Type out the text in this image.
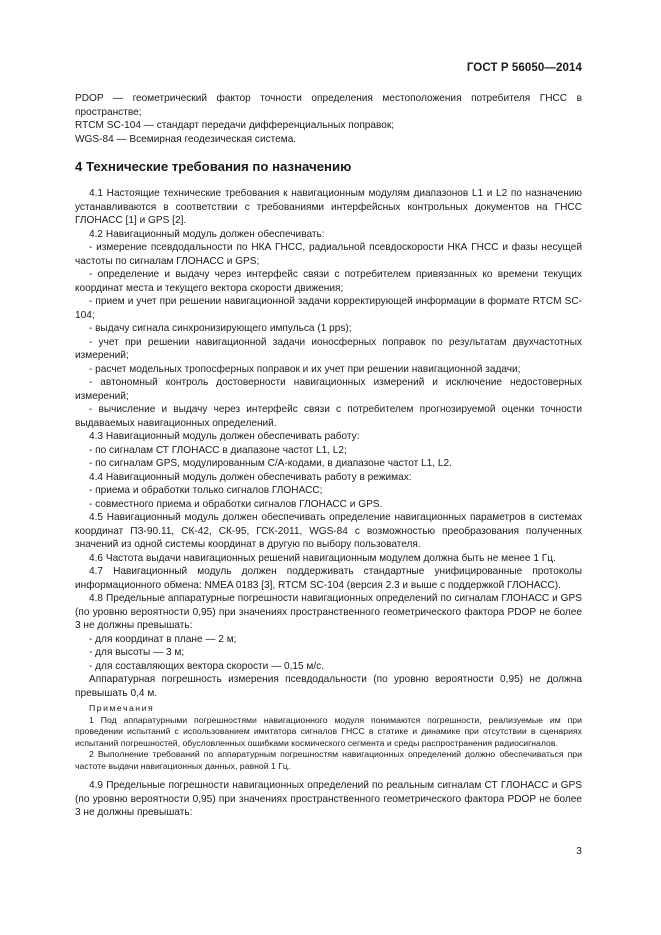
ГОСТ Р 56050—2014

PDOP — геометрический фактор точности определения местоположения потребителя ГНСС в пространстве;

RTCM SC-104 — стандарт передачи дифференциальных поправок;

WGS-84 — Всемирная геодезическая система.

4 Технические требования по назначению

4.1 Настоящие технические требования к навигационным модулям диапазонов L1 и L2 по назначению устанавливаются в соответствии с требованиями интерфейсных контрольных документов на ГНСС ГЛОНАСС [1] и GPS [2].

4.2 Навигационный модуль должен обеспечивать:

- измерение псевдодальности по НКА ГНСС, радиальной псевдоскорости НКА ГНСС и фазы несущей частоты по сигналам ГЛОНАСС и GPS;

- определение и выдачу через интерфейс связи с потребителем привязанных ко времени текущих координат места и текущего вектора скорости движения;

- прием и учет при решении навигационной задачи корректирующей информации в формате RTCM SC-104;

- выдачу сигнала синхронизирующего импульса (1 pps);

- учет при решении навигационной задачи ионосферных поправок по результатам двухчастотных измерений;

- расчет модельных тропосферных поправок и их учет при решении навигационной задачи;

- автономный контроль достоверности навигационных измерений и исключение недостоверных измерений;

- вычисление и выдачу через интерфейс связи с потребителем прогнозируемой оценки точности выдаваемых навигационных определений.

4.3 Навигационный модуль должен обеспечивать работу:

- по сигналам СТ ГЛОНАСС в диапазоне частот L1, L2;

- по сигналам GPS, модулированным С/А-кодами, в диапазоне частот L1, L2.

4.4 Навигационный модуль должен обеспечивать работу в режимах:

- приема и обработки только сигналов ГЛОНАСС;

- совместного приема и обработки сигналов ГЛОНАСС и GPS.

4.5 Навигационный модуль должен обеспечивать определение навигационных параметров в системах координат ПЗ-90.11, СК-42, СК-95, ГСК-2011, WGS-84 с возможностью преобразования полученных значений из одной системы координат в другую по выбору пользователя.

4.6 Частота выдачи навигационных решений навигационным модулем должна быть не менее 1 Гц.

4.7 Навигационный модуль должен поддерживать стандартные унифицированные протоколы информационного обмена: NMEA 0183 [3], RTCM SC-104 (версия 2.3 и выше с поддержкой ГЛОНАСС).

4.8 Предельные аппаратурные погрешности навигационных определений по сигналам ГЛОНАСС и GPS (по уровню вероятности 0,95) при значениях пространственного геометрического фактора PDOP не более 3 не должны превышать:

- для координат в плане — 2 м;

- для высоты — 3 м;

- для составляющих вектора скорости — 0,15 м/с.

Аппаратурная погрешность измерения псевдодальности (по уровню вероятности 0,95) не должна превышать 0,4 м.

Примечания

1 Под аппаратурными погрешностями навигационного модуля понимаются погрешности, реализуемые им при проведении испытаний с использованием имитатора сигналов ГНСС в статике и динамике при отсутствии в сценариях испытаний погрешностей, обусловленных ошибками космического сегмента и среды распространения радиосигналов.

2 Выполнение требований по аппаратурным погрешностям навигационных определений должно обеспечиваться при частоте выдачи навигационных данных, равной 1 Гц.

4.9 Предельные погрешности навигационных определений по реальным сигналам СТ ГЛОНАСС и GPS (по уровню вероятности 0,95) при значениях пространственного геометрического фактора PDOP не более 3 не должны превышать:

3
